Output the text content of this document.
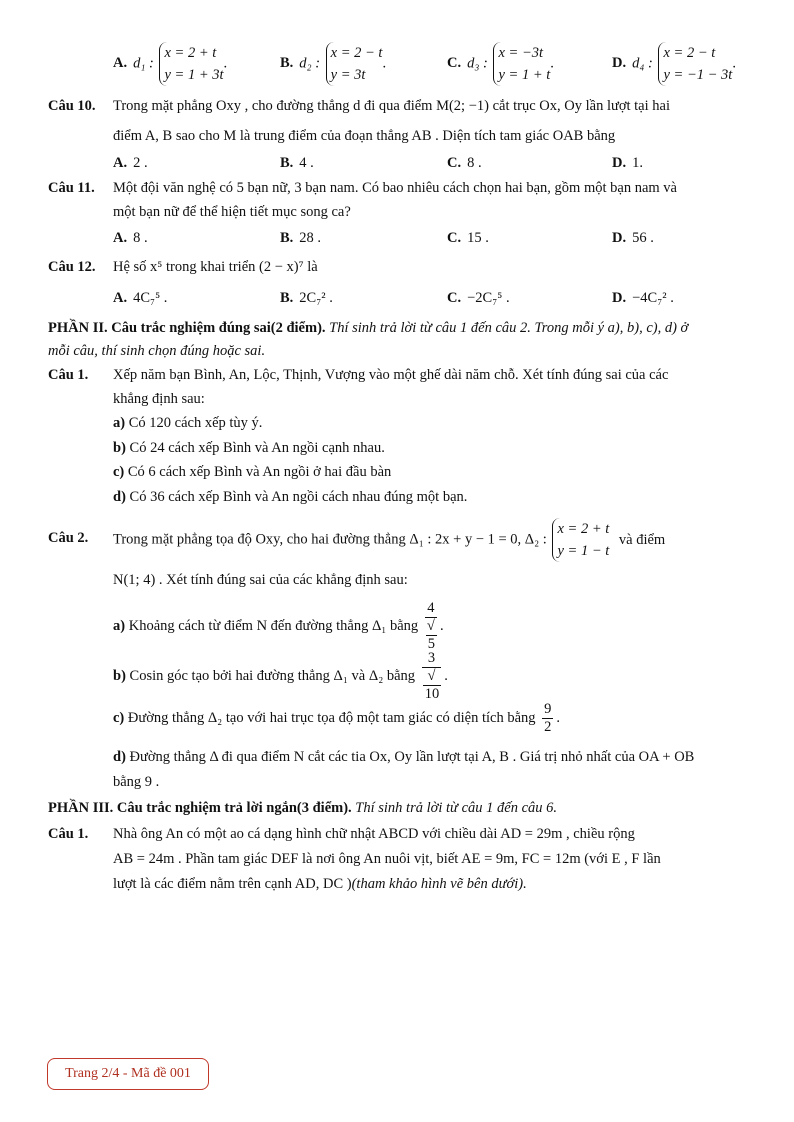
A. d₁ :
x = 2 + t
y = 1 + 3t
.	B. d₂ :
x = 2 − t
y = 3t
.	C. d₃ :
x = −3t
y = 1 + t
.	D. d₄ :
x = 2 − t
y = −1 − 3t
.
Câu 10. Trong mặt phẳng Oxy , cho đường thẳng d đi qua điểm M(2; −1) cắt trục Ox, Oy lần lượt tại hai
điểm A, B sao cho M là trung điểm của đoạn thẳng AB . Diện tích tam giác OAB bằng
A. 2 .	B. 4 .	C. 8 .	D. 1.
Câu 11. Một đội văn nghệ có 5 bạn nữ, 3 bạn nam. Có bao nhiêu cách chọn hai bạn, gồm một bạn nam và
một bạn nữ để thể hiện tiết mục song ca?
A. 8 .	B. 28 .	C. 15 .	D. 56 .
Câu 12. Hệ số x⁵ trong khai triển (2 − x)⁷ là
A. 4C₇⁵ .	B. 2C₇² .	C. −2C₇⁵ .	D. −4C₇² .
PHẦN II. Câu trắc nghiệm đúng sai(2 điểm). Thí sinh trả lời từ câu 1 đến câu 2. Trong mỗi ý a), b), c), d) ở
mỗi câu, thí sinh chọn đúng hoặc sai.
Câu 1. Xếp năm bạn Bình, An, Lộc, Thịnh, Vượng vào một ghế dài năm chỗ. Xét tính đúng sai của các
khẳng định sau:
a) Có 120 cách xếp tùy ý.
b) Có 24 cách xếp Bình và An ngồi cạnh nhau.
c) Có 6 cách xếp Bình và An ngồi ở hai đầu bàn
d) Có 36 cách xếp Bình và An ngồi cách nhau đúng một bạn.
Câu 2. Trong mặt phẳng tọa độ Oxy, cho hai đường thẳng Δ₁ : 2x + y − 1 = 0, Δ₂ :
x = 2 + t
y = 1 − t
và điểm
N(1; 4) . Xét tính đúng sai của các khẳng định sau:
a) Khoảng cách từ điểm N đến đường thẳng Δ₁ bằng 4
√
5 .
b) Cosin góc tạo bởi hai đường thẳng Δ₁ và Δ₂ bằng 3
√
10 .
c) Đường thẳng Δ₂ tạo với hai trục tọa độ một tam giác có diện tích bằng $\frac{9}{2}$ .
d) Đường thẳng Δ đi qua điểm N cắt các tia Ox, Oy lần lượt tại A, B . Giá trị nhỏ nhất của OA + OB
bằng 9 .
PHẦN III. Câu trắc nghiệm trả lời ngắn(3 điểm). Thí sinh trả lời từ câu 1 đến câu 6.
Câu 1. Nhà ông An có một ao cá dạng hình chữ nhật ABCD với chiều dài AD = 29m , chiều rộng
AB = 24m . Phần tam giác DEF là nơi ông An nuôi vịt, biết AE = 9m, FC = 12m (với E , F lần
lượt là các điểm nằm trên cạnh AD, DC )(tham khảo hình vẽ bên dưới).
Trang 2/4 - Mã đề 001
